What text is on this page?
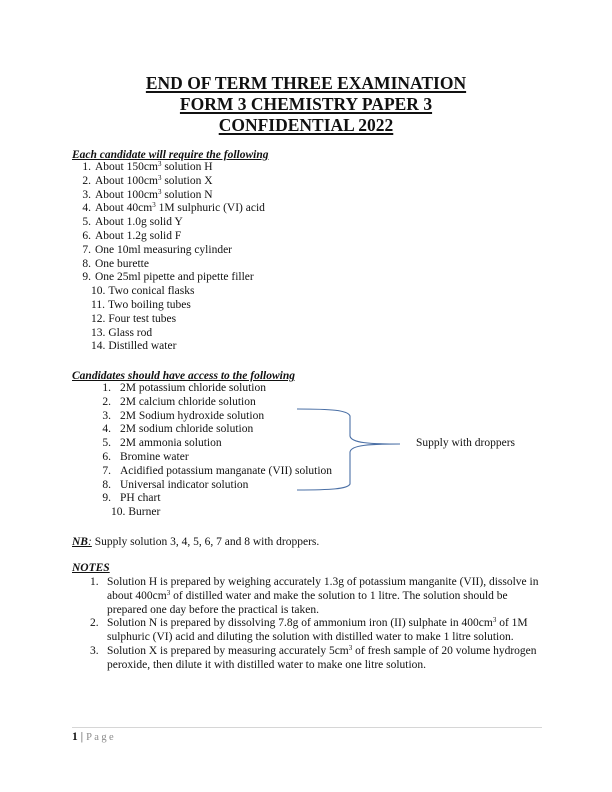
END OF TERM THREE EXAMINATION
FORM 3 CHEMISTRY PAPER 3
CONFIDENTIAL 2022
Each candidate will require the following
1. About $150cm^3$ solution H
2. About $100cm^3$ solution X
3. About $100cm^3$ solution N
4. About $40cm^3$ 1M sulphuric (VI) acid
5. About 1.0g solid Y
6. About 1.2g solid F
7. One 10ml measuring cylinder
8. One burette
9. One 25ml pipette and pipette filler
10. Two conical flasks
11. Two boiling tubes
12. Four test tubes
13. Glass rod
14. Distilled water
Candidates should have access to the following
1. 2M potassium chloride solution
2. 2M calcium chloride solution
3. 2M Sodium hydroxide solution
4. 2M sodium chloride solution
5. 2M ammonia solution
6. Bromine water
7. Acidified potassium manganate (VII) solution
8. Universal indicator solution
9. PH chart
10. Burner
Supply with droppers
NB: Supply solution 3, 4, 5, 6, 7 and 8 with droppers.
NOTES
1. Solution H is prepared by weighing accurately 1.3g of potassium manganite (VII), dissolve in about $400cm^3$ of distilled water and make the solution to 1 litre. The solution should be prepared one day before the practical is taken.
2. Solution N is prepared by dissolving 7.8g of ammonium iron (II) sulphate in $400cm^3$ of 1M sulphuric (VI) acid and diluting the solution with distilled water to make 1 litre solution.
3. Solution X is prepared by measuring accurately $5cm^3$ of fresh sample of 20 volume hydrogen peroxide, then dilute it with distilled water to make one litre solution.
1 | Page
